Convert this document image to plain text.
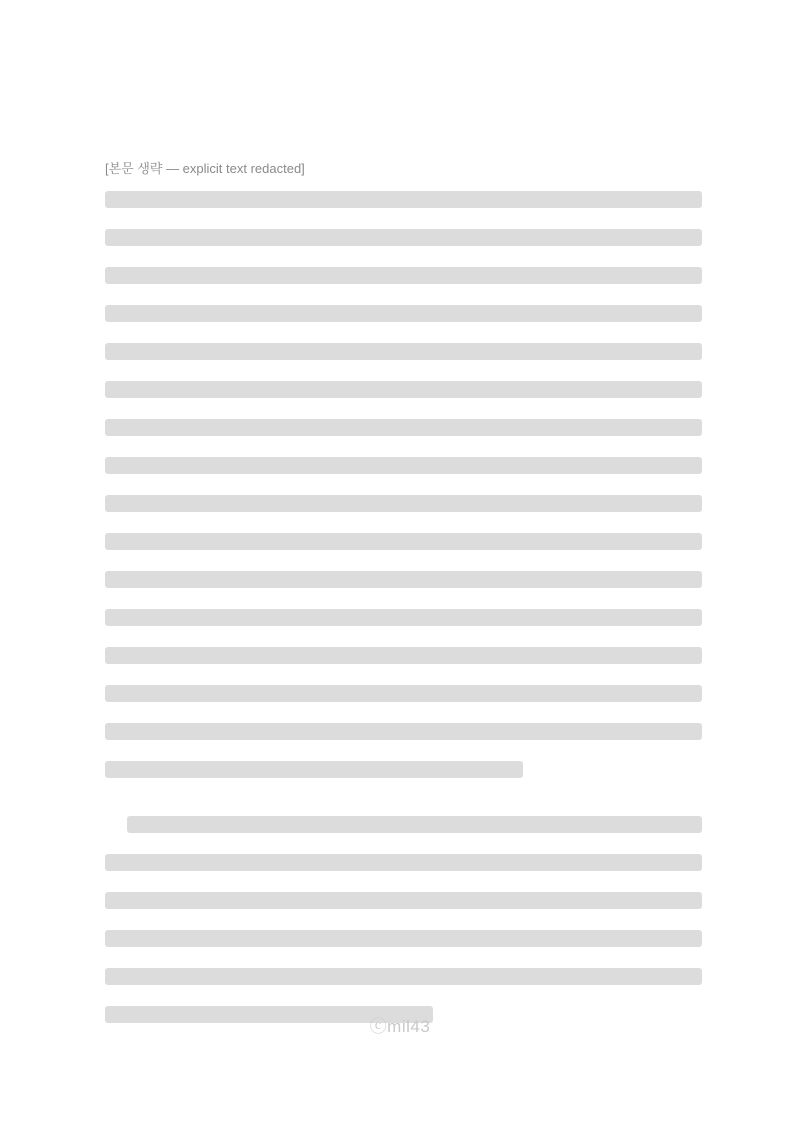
[본문 생략 — explicit text redacted]
ⓒmil43
